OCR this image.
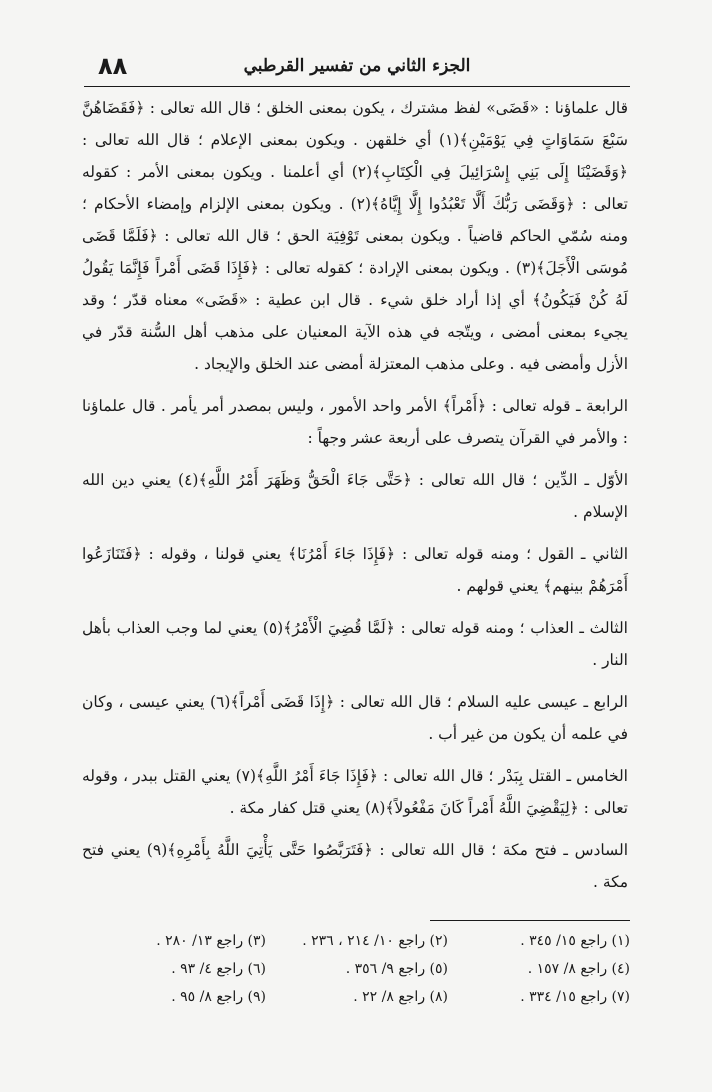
٨٨	الجزء الثاني من تفسير القرطبي

قال علماؤنا : «قَضَى» لفظ مشترك ، يكون بمعنى الخلق ؛ قال الله تعالى : ﴿فَقَضَاهُنَّ سَبْعَ سَمَاوَاتٍ فِي يَوْمَيْنِ﴾(١) أي خلقهن . ويكون بمعنى الإعلام ؛ قال الله تعالى : ﴿وَقَضَيْنَا إِلَى بَنِي إِسْرَائِيلَ فِي الْكِتَابِ﴾(٢) أي أعلمنا . ويكون بمعنى الأمر : كقوله تعالى : ﴿وَقَضَى رَبُّكَ أَلَّا تَعْبُدُوا إِلَّا إِيَّاهُ﴾(٢) . ويكون بمعنى الإلزام وإمضاء الأحكام ؛ ومنه سُمّي الحاكم قاضياً . ويكون بمعنى تَوْفِيَة الحق ؛ قال الله تعالى : ﴿فَلَمَّا قَضَى مُوسَى الْأَجَلَ﴾(٣) . ويكون بمعنى الإرادة ؛ كقوله تعالى : ﴿فَإِذَا قَضَى أَمْراً فَإِنَّمَا يَقُولُ لَهُ كُنْ فَيَكُونُ﴾ أي إذا أراد خلق شيء . قال ابن عطية : «قَضَى» معناه قدّر ؛ وقد يجيء بمعنى أمضى ، ويتّجه في هذه الآية المعنيان على مذهب أهل السُّنة قدّر في الأزل وأمضى فيه . وعلى مذهب المعتزلة أمضى عند الخلق والإيجاد .

الرابعة ـ قوله تعالى : ﴿أَمْراً﴾ الأمر واحد الأمور ، وليس بمصدر أمر يأمر . قال علماؤنا : والأمر في القرآن يتصرف على أربعة عشر وجهاً :

الأوّل ـ الدِّين ؛ قال الله تعالى : ﴿حَتَّى جَاءَ الْحَقُّ وَظَهَرَ أَمْرُ اللَّهِ﴾(٤) يعني دين الله الإسلام .

الثاني ـ القول ؛ ومنه قوله تعالى : ﴿فَإِذَا جَاءَ أَمْرُنَا﴾ يعني قولنا ، وقوله : ﴿فَتَنَازَعُوا أَمْرَهُمْ بينهم﴾ يعني قولهم .

الثالث ـ العذاب ؛ ومنه قوله تعالى : ﴿لَمَّا قُضِيَ الْأَمْرُ﴾(٥) يعني لما وجب العذاب بأهل النار .

الرابع ـ عيسى عليه السلام ؛ قال الله تعالى : ﴿إِذَا قَضَى أَمْراً﴾(٦) يعني عيسى ، وكان في علمه أن يكون من غير أب .

الخامس ـ القتل بِبَدْر ؛ قال الله تعالى : ﴿فَإِذَا جَاءَ أَمْرُ اللَّهِ﴾(٧) يعني القتل ببدر ، وقوله تعالى : ﴿لِيَقْضِيَ اللَّهُ أَمْراً كَانَ مَفْعُولاً﴾(٨) يعني قتل كفار مكة .

السادس ـ فتح مكة ؛ قال الله تعالى : ﴿فَتَرَبَّصُوا حَتَّى يَأْتِيَ اللَّهُ بِأَمْرِهِ﴾(٩) يعني فتح مكة .

(١) راجع ١٥/ ٣٤٥ .
(٢) راجع ١٠/ ٢١٤ ، ٢٣٦ .
(٣) راجع ١٣/ ٢٨٠ .
(٤) راجع ٨/ ١٥٧ .
(٥) راجع ٩/ ٣٥٦ .
(٦) راجع ٤/ ٩٣ .
(٧) راجع ١٥/ ٣٣٤ .
(٨) راجع ٨/ ٢٢ .
(٩) راجع ٨/ ٩٥ .
